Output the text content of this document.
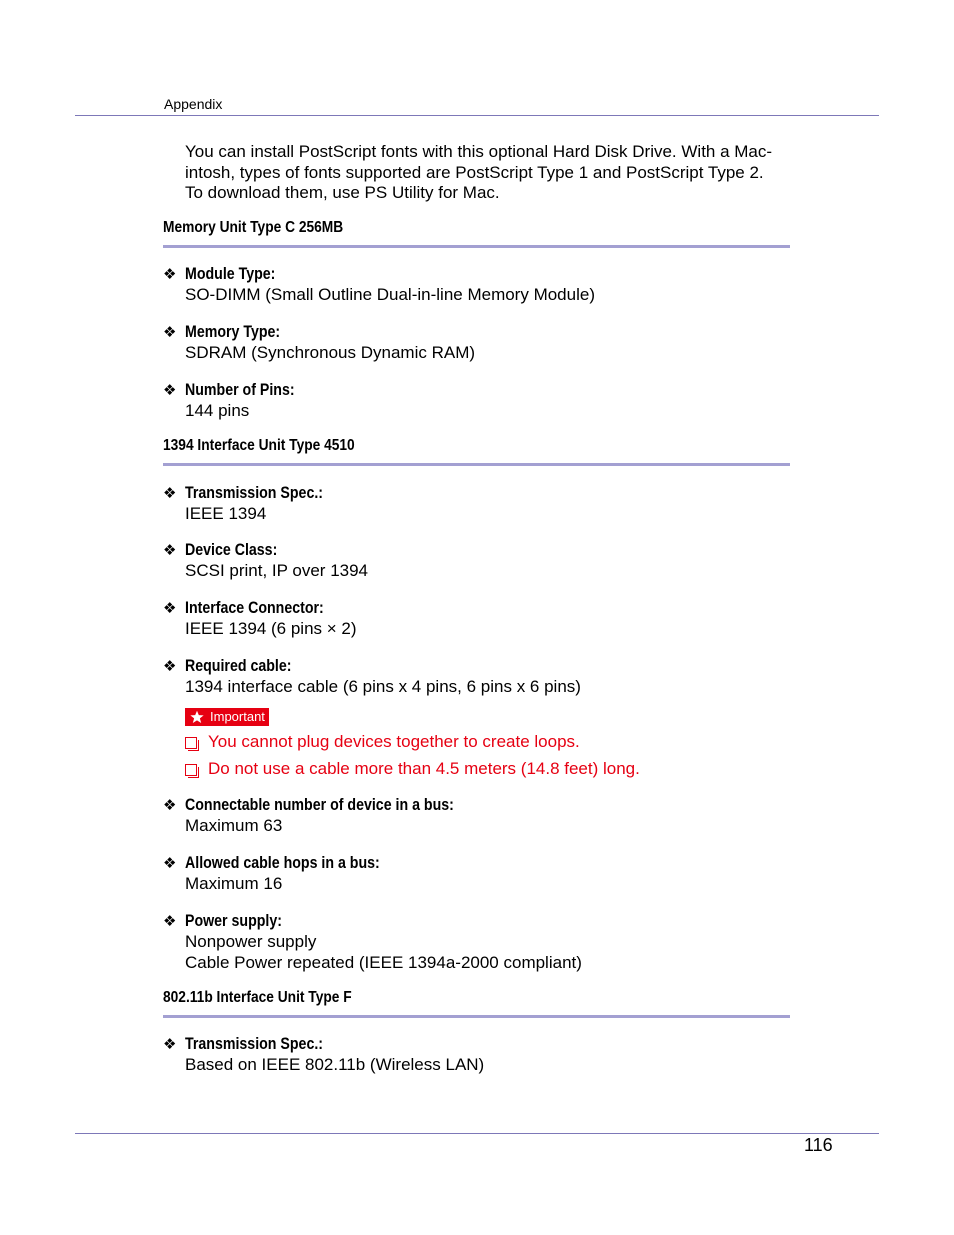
Appendix
You can install PostScript fonts with this optional Hard Disk Drive. With a Mac-
intosh, types of fonts supported are PostScript Type 1 and PostScript Type 2.
To download them, use PS Utility for Mac.
Memory Unit Type C 256MB
❖ Module Type:
SO-DIMM (Small Outline Dual-in-line Memory Module)
❖ Memory Type:
SDRAM (Synchronous Dynamic RAM)
❖ Number of Pins:
144 pins
1394 Interface Unit Type 4510
❖ Transmission Spec.:
IEEE 1394
❖ Device Class:
SCSI print, IP over 1394
❖ Interface Connector:
IEEE 1394 (6 pins × 2)
❖ Required cable:
1394 interface cable (6 pins x 4 pins, 6 pins x 6 pins)
Important
You cannot plug devices together to create loops.
Do not use a cable more than 4.5 meters (14.8 feet) long.
❖ Connectable number of device in a bus:
Maximum 63
❖ Allowed cable hops in a bus:
Maximum 16
❖ Power supply:
Nonpower supply
Cable Power repeated (IEEE 1394a-2000 compliant)
802.11b Interface Unit Type F
❖ Transmission Spec.:
Based on IEEE 802.11b (Wireless LAN)
116
